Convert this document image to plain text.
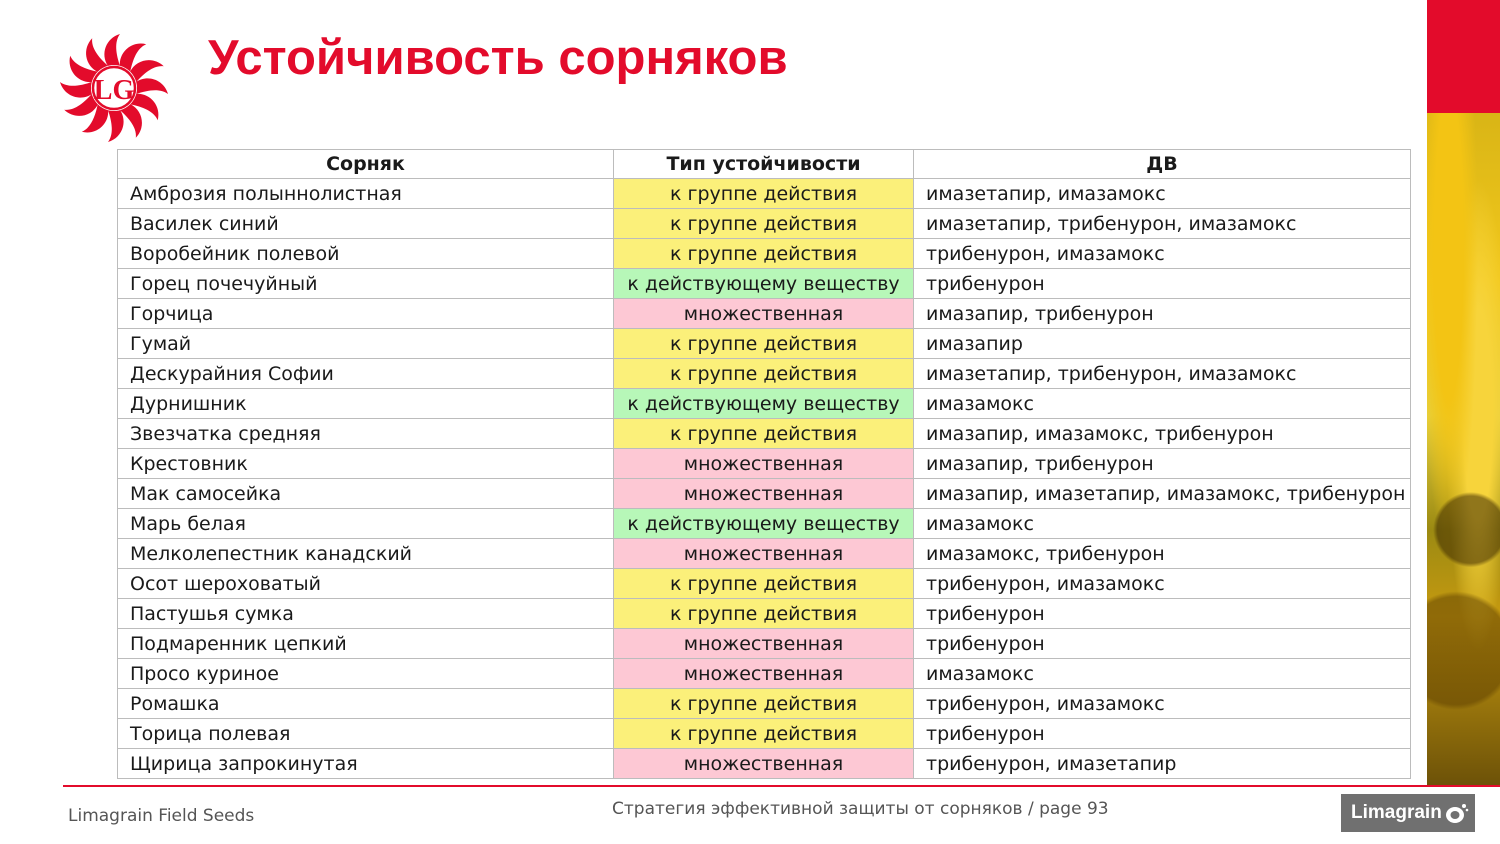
LG
Устойчивость сорняков
Сорняк	Тип устойчивости	ДВ
Амброзия полыннолистная	к группе действия	имазетапир, имазамокс
Василек синий	к группе действия	имазетапир, трибенурон, имазамокс
Воробейник полевой	к группе действия	трибенурон, имазамокс
Горец почечуйный	к действующему веществу	трибенурон
Горчица	множественная	имазапир, трибенурон
Гумай	к группе действия	имазапир
Дескурайния Софии	к группе действия	имазетапир, трибенурон, имазамокс
Дурнишник	к действующему веществу	имазамокс
Звезчатка средняя	к группе действия	имазапир, имазамокс, трибенурон
Крестовник	множественная	имазапир, трибенурон
Мак самосейка	множественная	имазапир, имазетапир, имазамокс, трибенурон
Марь белая	к действующему веществу	имазамокс
Мелколепестник канадский	множественная	имазамокс, трибенурон
Осот шероховатый	к группе действия	трибенурон, имазамокс
Пастушья сумка	к группе действия	трибенурон
Подмаренник цепкий	множественная	трибенурон
Просо куриное	множественная	имазамокс
Ромашка	к группе действия	трибенурон, имазамокс
Торица полевая	к группе действия	трибенурон
Щирица запрокинутая	множественная	трибенурон, имазетапир
Limagrain Field Seeds	Стратегия эффективной защиты от сорняков / page 93	Limagrain
